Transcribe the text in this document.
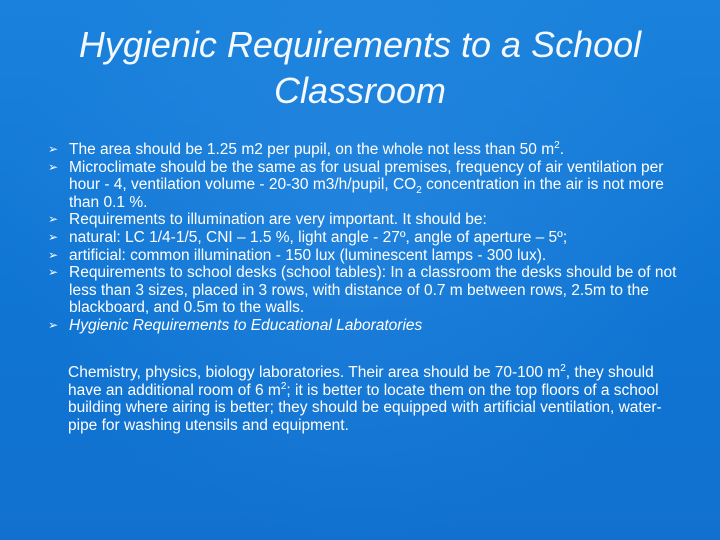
Hygienic Requirements to a School
Classroom
➢ The area should be 1.25 m2 per pupil, on the whole not less than 50 $m^2$.
➢ Microclimate should be the same as for usual premises, frequency of air ventilation per hour - 4, ventilation volume - 20-30 m3/h/pupil, $CO_2$ concentration in the air is not more than 0.1 %.
➢ Requirements to illumination are very important. It should be:
➢ natural: LC 1/4-1/5, CNI – 1.5 %, light angle - 27º, angle of aperture – 5º;
➢ artificial: common illumination - 150 lux (luminescent lamps - 300 lux).
➢ Requirements to school desks (school tables): In a classroom the desks should be of not less than 3 sizes, placed in 3 rows, with distance of 0.7 m between rows, 2.5m to the blackboard, and 0.5m to the walls.
➢ Hygienic Requirements to Educational Laboratories

Chemistry, physics, biology laboratories. Their area should be 70-100 $m^2$, they should have an additional room of 6 $m^2$; it is better to locate them on the top floors of a school building where airing is better; they should be equipped with artificial ventilation, water-pipe for washing utensils and equipment.
